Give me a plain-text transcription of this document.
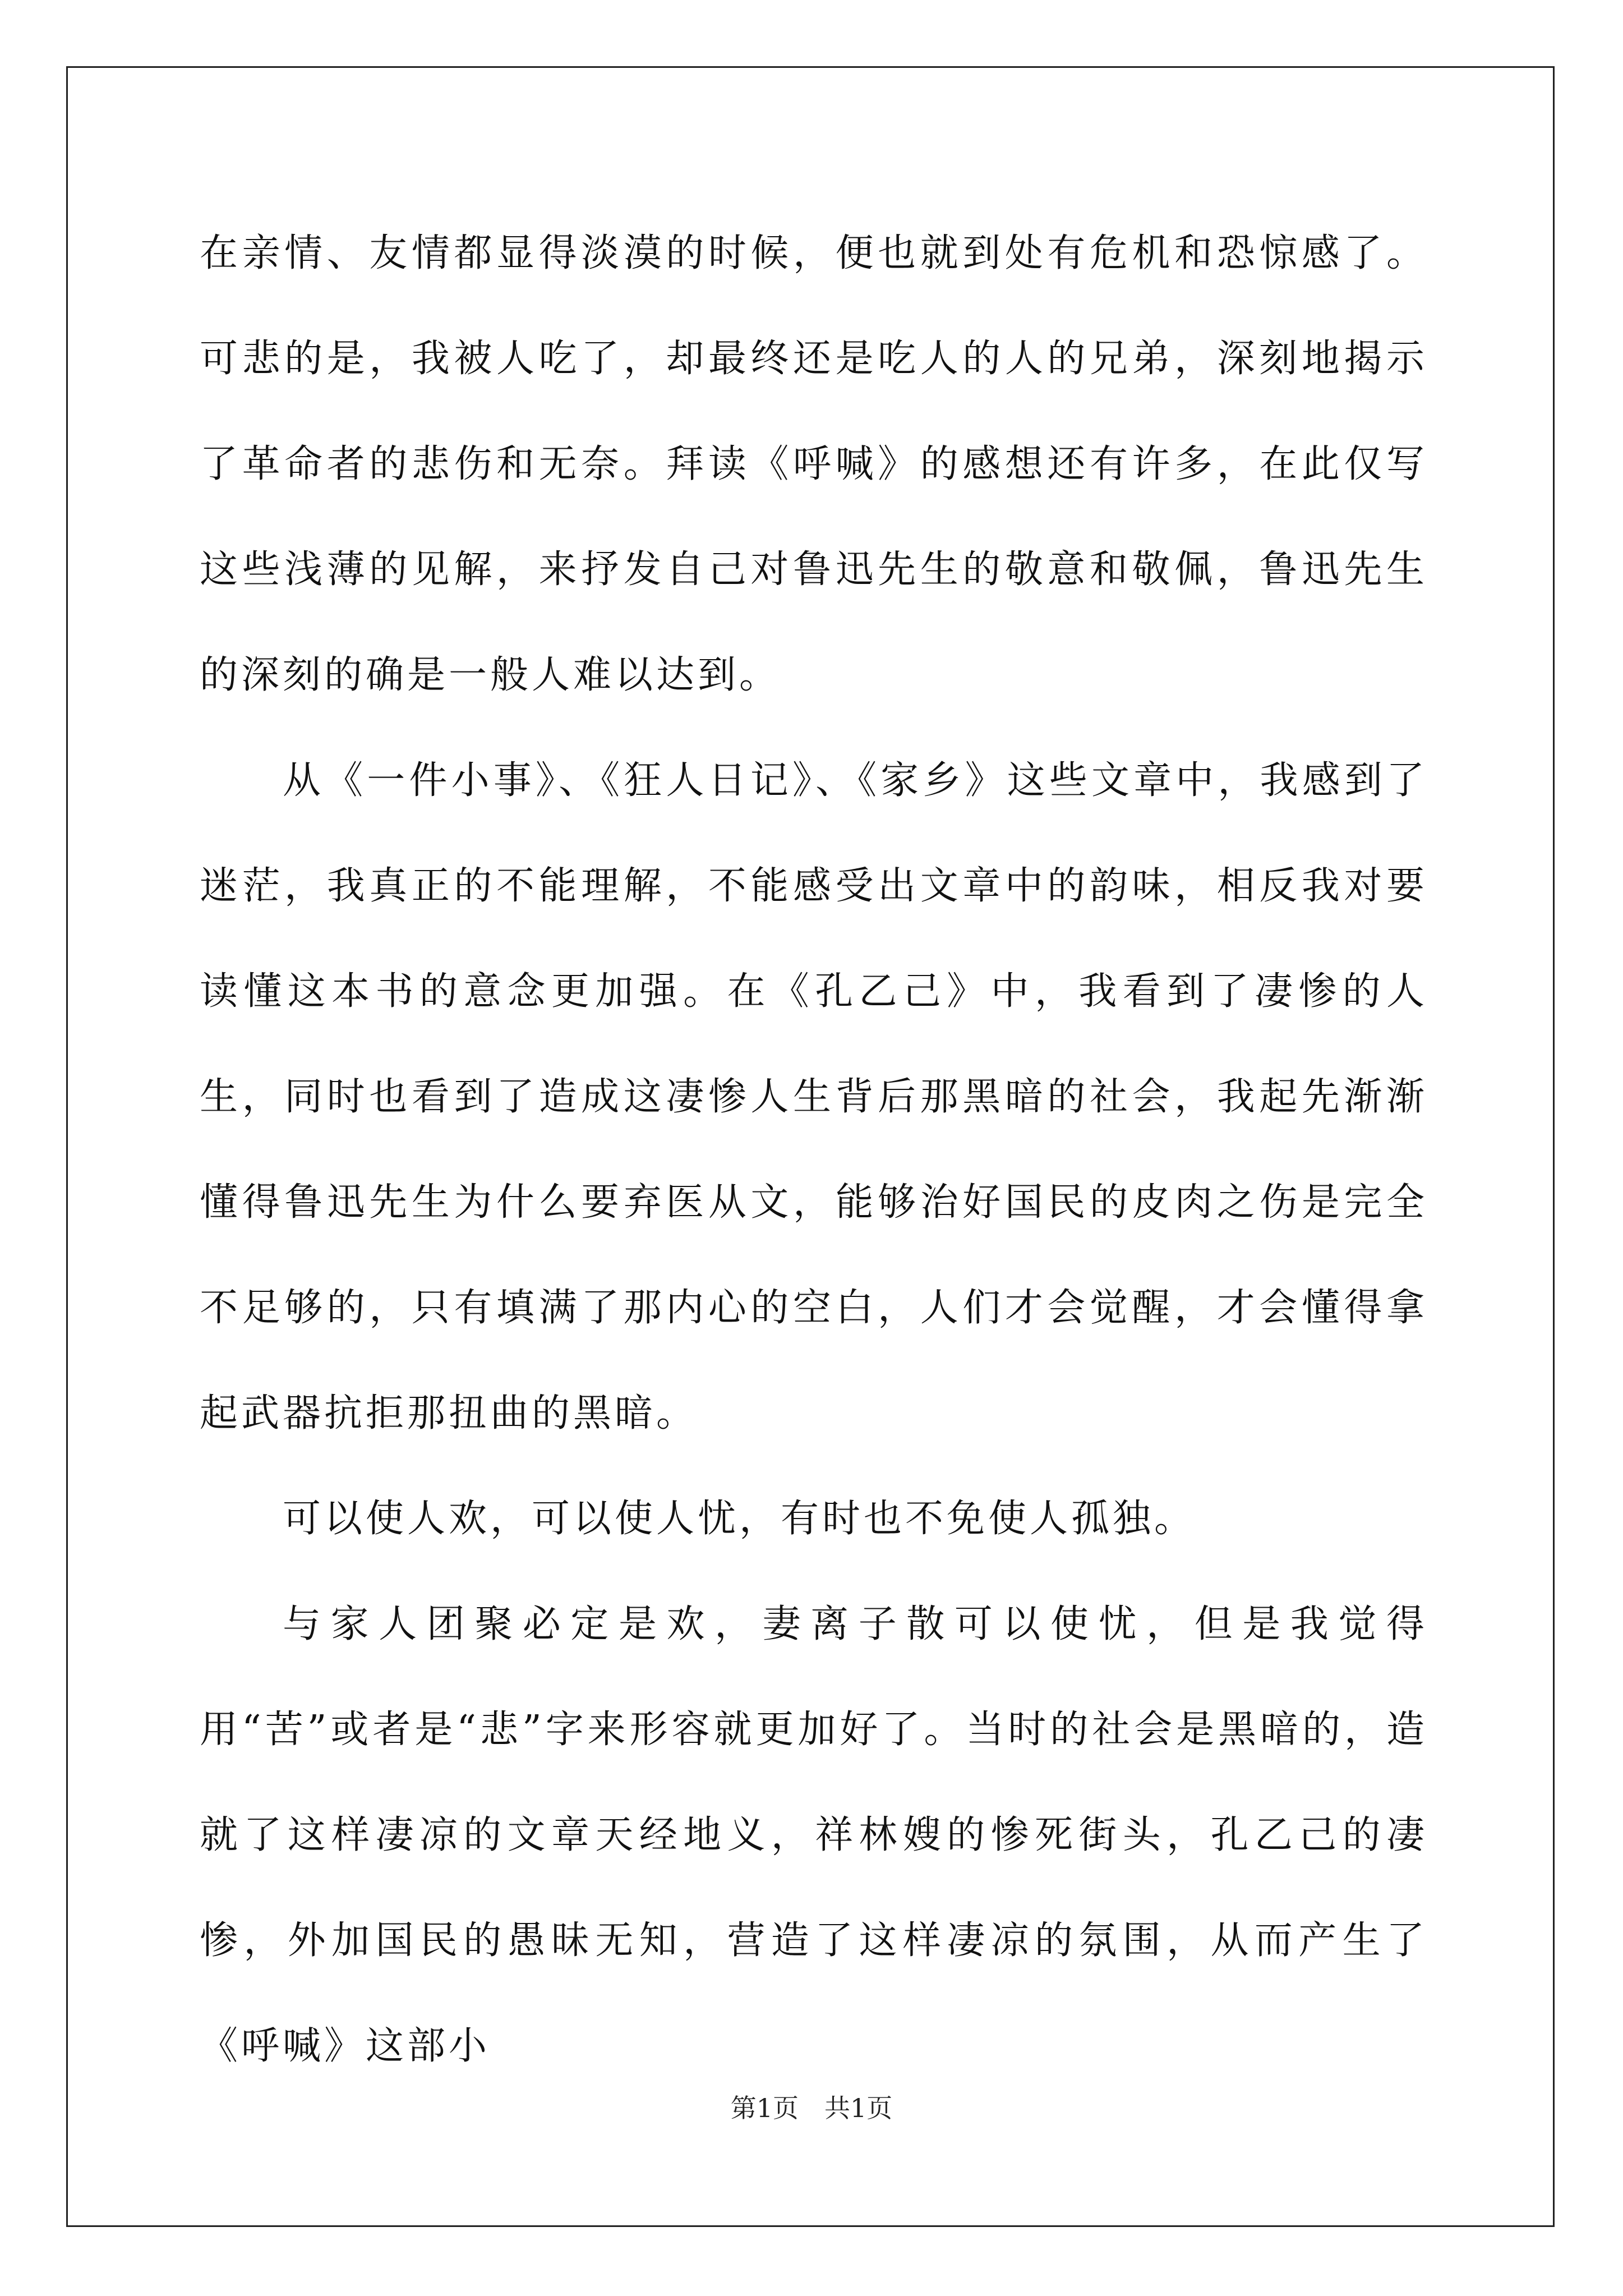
在亲情、友情都显得淡漠的时候，便也就到处有危机和恐惊感了。可悲的是，我被人吃了，却最终还是吃人的人的兄弟，深刻地揭示了革命者的悲伤和无奈。拜读《呼喊》的感想还有许多，在此仅写这些浅薄的见解，来抒发自己对鲁迅先生的敬意和敬佩，鲁迅先生的深刻的确是一般人难以达到。

从《一件小事》、《狂人日记》、《家乡》这些文章中，我感到了迷茫，我真正的不能理解，不能感受出文章中的韵味，相反我对要读懂这本书的意念更加强。在《孔乙己》中，我看到了凄惨的人生，同时也看到了造成这凄惨人生背后那黑暗的社会，我起先渐渐懂得鲁迅先生为什么要弃医从文，能够治好国民的皮肉之伤是完全不足够的，只有填满了那内心的空白，人们才会觉醒，才会懂得拿起武器抗拒那扭曲的黑暗。

可以使人欢，可以使人忧，有时也不免使人孤独。

与家人团聚必定是欢，妻离子散可以使忧，但是我觉得用“苦”或者是“悲”字来形容就更加好了。当时的社会是黑暗的，造就了这样凄凉的文章天经地义，祥林嫂的惨死街头，孔乙己的凄惨，外加国民的愚昧无知，营造了这样凄凉的氛围，从而产生了《呼喊》这部小

第1页　共1页
